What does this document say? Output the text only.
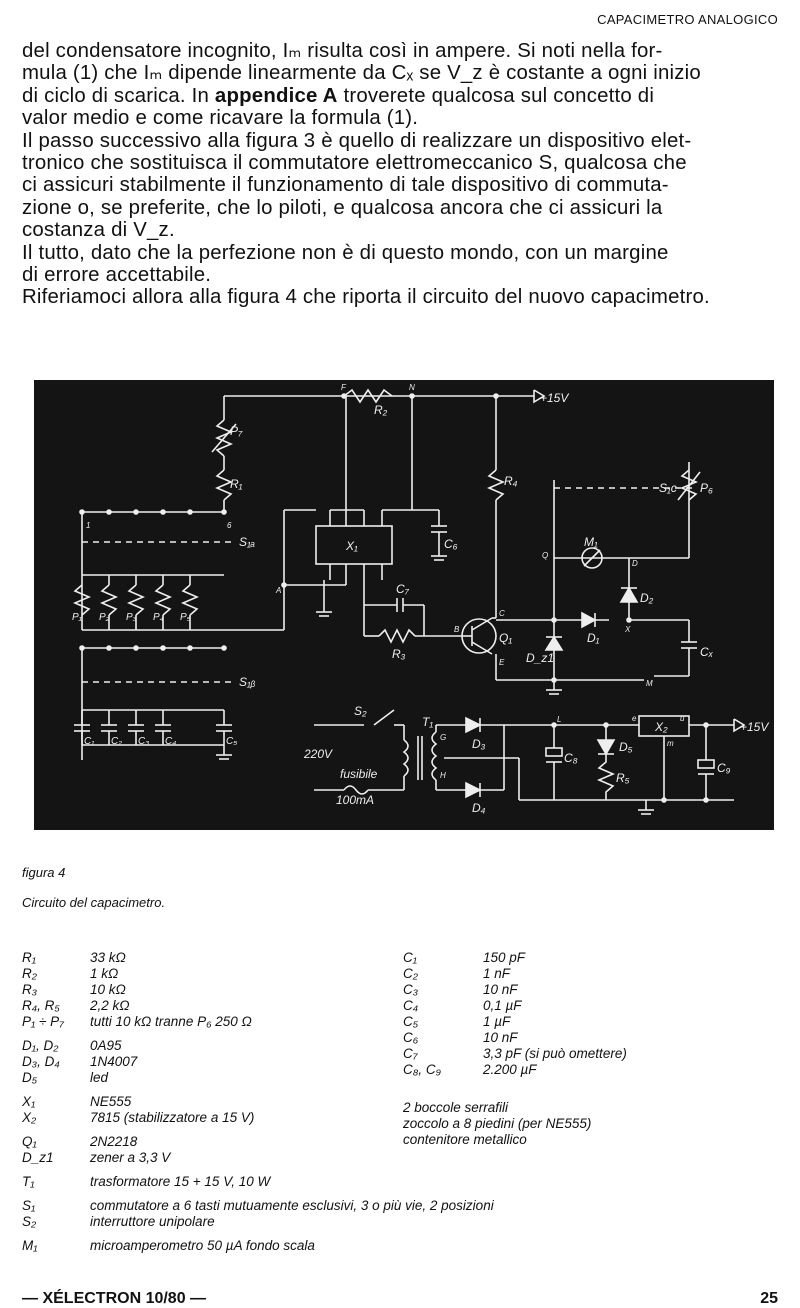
CAPACIMETRO ANALOGICO

del condensatore incognito, Iₘ risulta così in ampere. Si noti nella for-

mula (1) che Iₘ dipende linearmente da Cₓ se V_z è costante a ogni inizio

di ciclo di scarica. In appendice A troverete qualcosa sul concetto di

valor medio e come ricavare la formula (1).

Il passo successivo alla figura 3 è quello di realizzare un dispositivo elet-

tronico che sostituisca il commutatore elettromeccanico S, qualcosa che

ci assicuri stabilmente il funzionamento di tale dispositivo di commuta-

zione o, se preferite, che lo piloti, e qualcosa ancora che ci assicuri la

costanza di V_z.

Il tutto, dato che la perfezione non è di questo mondo, con un margine

di errore accettabile.

Riferiamoci allora alla figura 4 che riporta il circuito del nuovo capacimetro.

+15V
+15V
R₂
P₇
R₁	R₄
X₁	C₆
C₇
R₃
Q₁	D₁
D₂
D_z1
M₁
Cₓ
P₆
S₁ₐ
S₁ᵦ
S₁c
S₂
T₁
D₃
D₄
C₈
D₅
R₅
X₂
C₉
220V
fusibile
100mA
P₁ P₂ P₃ P₄ P₅
C₁ C₂ C₃ C₄	C₅
F	N
A
B
C
E
Q
D
X
M
L
G
H
e	u
m
1	6
figura 4
Circuito del capacimetro.
R₁	33 kΩ
R₂	1 kΩ
R₃	10 kΩ
R₄, R₅	2,2 kΩ
P₁ ÷ P₇	tutti 10 kΩ tranne P₆ 250 Ω
D₁, D₂	0A95
D₃, D₄	1N4007
D₅	led
X₁	NE555
X₂	7815 (stabilizzatore a 15 V)
Q₁	2N2218
D_z1	zener a 3,3 V
T₁	trasformatore 15 + 15 V, 10 W
S₁	commutatore a 6 tasti mutuamente esclusivi, 3 o più vie, 2 posizioni
S₂	interruttore unipolare
M₁	microamperometro 50 µA fondo scala
C₁	150 pF
C₂	1 nF
C₃	10 nF
C₄	0,1 µF
C₅	1 µF
C₆	10 nF
C₇	3,3 pF (si può omettere)
C₈, C₉	2.200 µF
2 boccole serrafili
zoccolo a 8 piedini (per NE555)
contenitore metallico
— XÉLECTRON 10/80 —	25
